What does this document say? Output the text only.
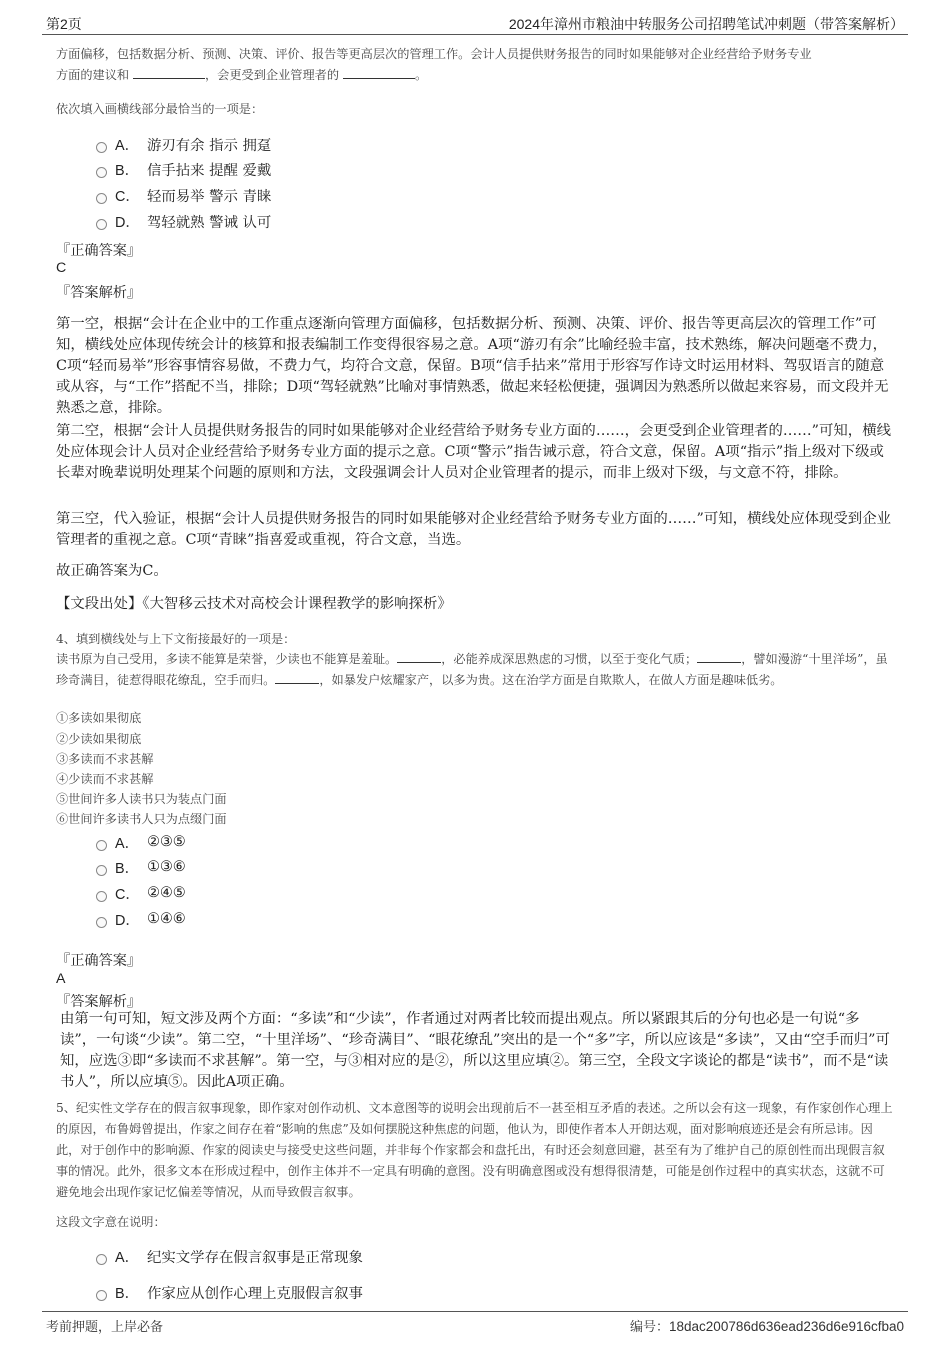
第2页	2024年漳州市粮油中转服务公司招聘笔试冲刺题（带答案解析）

方面偏移，包括数据分析、预测、决策、评价、报告等更高层次的管理工作。会计人员提供财务报告的同时如果能够对企业经营给予财务专业
方面的建议和	，会更受到企业管理者的	。

依次填入画横线部分最恰当的一项是：

A． 游刃有余 指示 拥趸
B． 信手拈来 提醒 爱戴
C． 轻而易举 警示 青睐
D． 驾轻就熟 警诫 认可

『正确答案』

C

『答案解析』

第一空，根据“会计在企业中的工作重点逐渐向管理方面偏移，包括数据分析、预测、决策、评价、报告等更高层次的管理工作”可知，横线处应体现传统会计的核算和报表编制工作变得很容易之意。A项“游刃有余”比喻经验丰富，技术熟练，解决问题毫不费力，C项“轻而易举”形容事情容易做，不费力气，均符合文意，保留。B项“信手拈来”常用于形容写作诗文时运用材料、驾驭语言的随意或从容，与“工作”搭配不当，排除；D项“驾轻就熟”比喻对事情熟悉，做起来轻松便捷，强调因为熟悉所以做起来容易，而文段并无熟悉之意，排除。

第二空，根据“会计人员提供财务报告的同时如果能够对企业经营给予财务专业方面的……，会更受到企业管理者的……”可知，横线处应体现会计人员对企业经营给予财务专业方面的提示之意。C项“警示”指告诫示意，符合文意，保留。A项“指示”指上级对下级或长辈对晚辈说明处理某个问题的原则和方法，文段强调会计人员对企业管理者的提示，而非上级对下级，与文意不符，排除。

第三空，代入验证，根据“会计人员提供财务报告的同时如果能够对企业经营给予财务专业方面的……”可知，横线处应体现受到企业管理者的重视之意。C项“青睐”指喜爱或重视，符合文意，当选。

故正确答案为C。

【文段出处】《大智移云技术对高校会计课程教学的影响探析》

4、填到横线处与上下文衔接最好的一项是：

读书原为自己受用，多读不能算是荣誉，少读也不能算是羞耻。	，必能养成深思熟虑的习惯，以至于变化气质；	，譬如漫游“十里洋场”，虽珍奇满目，徒惹得眼花缭乱，空手而归。	，如暴发户炫耀家产，以多为贵。这在治学方面是自欺欺人，在做人方面是趣味低劣。

①多读如果彻底

②少读如果彻底

③多读而不求甚解

④少读而不求甚解

⑤世间许多人读书只为装点门面

⑥世间许多读书人只为点缀门面

A． ②③⑤
B． ①③⑥
C． ②④⑤
D． ①④⑥

『正确答案』

A

『答案解析』

由第一句可知，短文涉及两个方面：“多读”和“少读”，作者通过对两者比较而提出观点。所以紧跟其后的分句也必是一句说“多读”，一句谈“少读”。第二空，“十里洋场”、“珍奇满目”、“眼花缭乱”突出的是一个“多”字，所以应该是“多读”，又由“空手而归”可知，应选③即“多读而不求甚解”。第一空，与③相对应的是②，所以这里应填②。第三空，全段文字谈论的都是“读书”，而不是“读书人”，所以应填⑤。因此A项正确。

5、纪实性文学存在的假言叙事现象，即作家对创作动机、文本意图等的说明会出现前后不一甚至相互矛盾的表述。之所以会有这一现象，有作家创作心理上的原因，布鲁姆曾提出，作家之间存在着“影响的焦虑”及如何摆脱这种焦虑的问题，他认为，即使作者本人开朗达观，面对影响痕迹还是会有所忌讳。因此，对于创作中的影响源、作家的阅读史与接受史这些问题，并非每个作家都会和盘托出，有时还会刻意回避，甚至有为了维护自己的原创性而出现假言叙事的情况。此外，很多文本在形成过程中，创作主体并不一定具有明确的意图。没有明确意图或没有想得很清楚，可能是创作过程中的真实状态，这就不可避免地会出现作家记忆偏差等情况，从而导致假言叙事。

这段文字意在说明：

A． 纪实文学存在假言叙事是正常现象
B． 作家应从创作心理上克服假言叙事
考前押题，上岸必备	编号：18dac200786d636ead236d6e916cfba0
